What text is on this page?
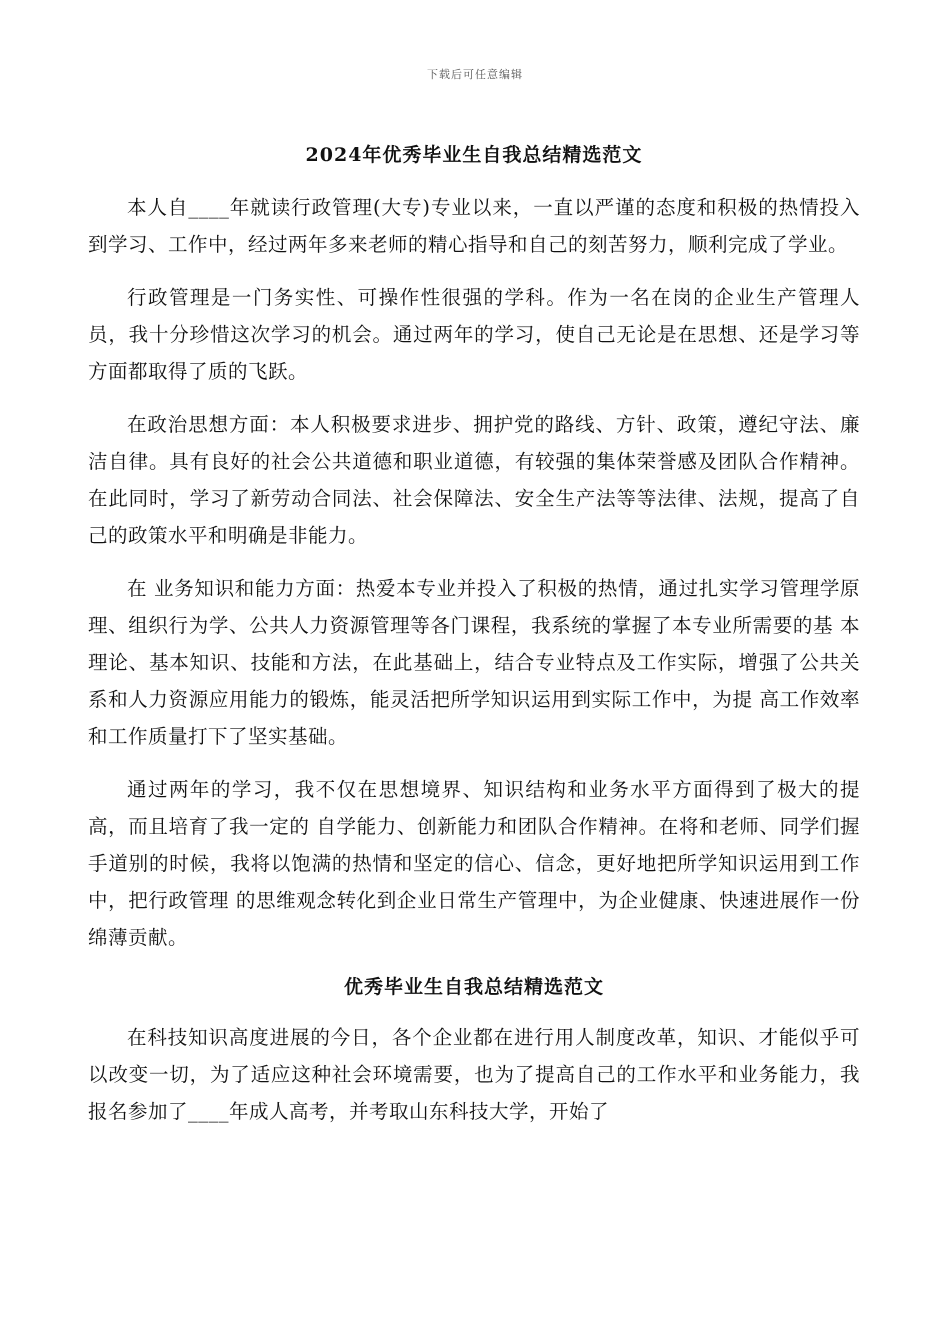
下载后可任意编辑
2024年优秀毕业生自我总结精选范文

本人自____年就读行政管理(大专)专业以来，一直以严谨的态度和积极的热情投入到学习、工作中，经过两年多来老师的精心指导和自己的刻苦努力，顺利完成了学业。

行政管理是一门务实性、可操作性很强的学科。作为一名在岗的企业生产管理人员，我十分珍惜这次学习的机会。通过两年的学习，使自己无论是在思想、还是学习等方面都取得了质的飞跃。

在政治思想方面：本人积极要求进步、拥护党的路线、方针、政策，遵纪守法、廉洁自律。具有良好的社会公共道德和职业道德，有较强的集体荣誉感及团队合作精神。在此同时，学习了新劳动合同法、社会保障法、安全生产法等等法律、法规，提高了自己的政策水平和明确是非能力。

在 业务知识和能力方面：热爱本专业并投入了积极的热情，通过扎实学习管理学原理、组织行为学、公共人力资源管理等各门课程，我系统的掌握了本专业所需要的基 本理论、基本知识、技能和方法，在此基础上，结合专业特点及工作实际，增强了公共关系和人力资源应用能力的锻炼，能灵活把所学知识运用到实际工作中，为提 高工作效率和工作质量打下了坚实基础。

通过两年的学习，我不仅在思想境界、知识结构和业务水平方面得到了极大的提高，而且培育了我一定的 自学能力、创新能力和团队合作精神。在将和老师、同学们握手道别的时候，我将以饱满的热情和坚定的信心、信念，更好地把所学知识运用到工作中，把行政管理 的思维观念转化到企业日常生产管理中，为企业健康、快速进展作一份绵薄贡献。

优秀毕业生自我总结精选范文

在科技知识高度进展的今日，各个企业都在进行用人制度改革，知识、才能似乎可以改变一切，为了适应这种社会环境需要，也为了提高自己的工作水平和业务能力，我报名参加了____年成人高考，并考取山东科技大学，开始了
